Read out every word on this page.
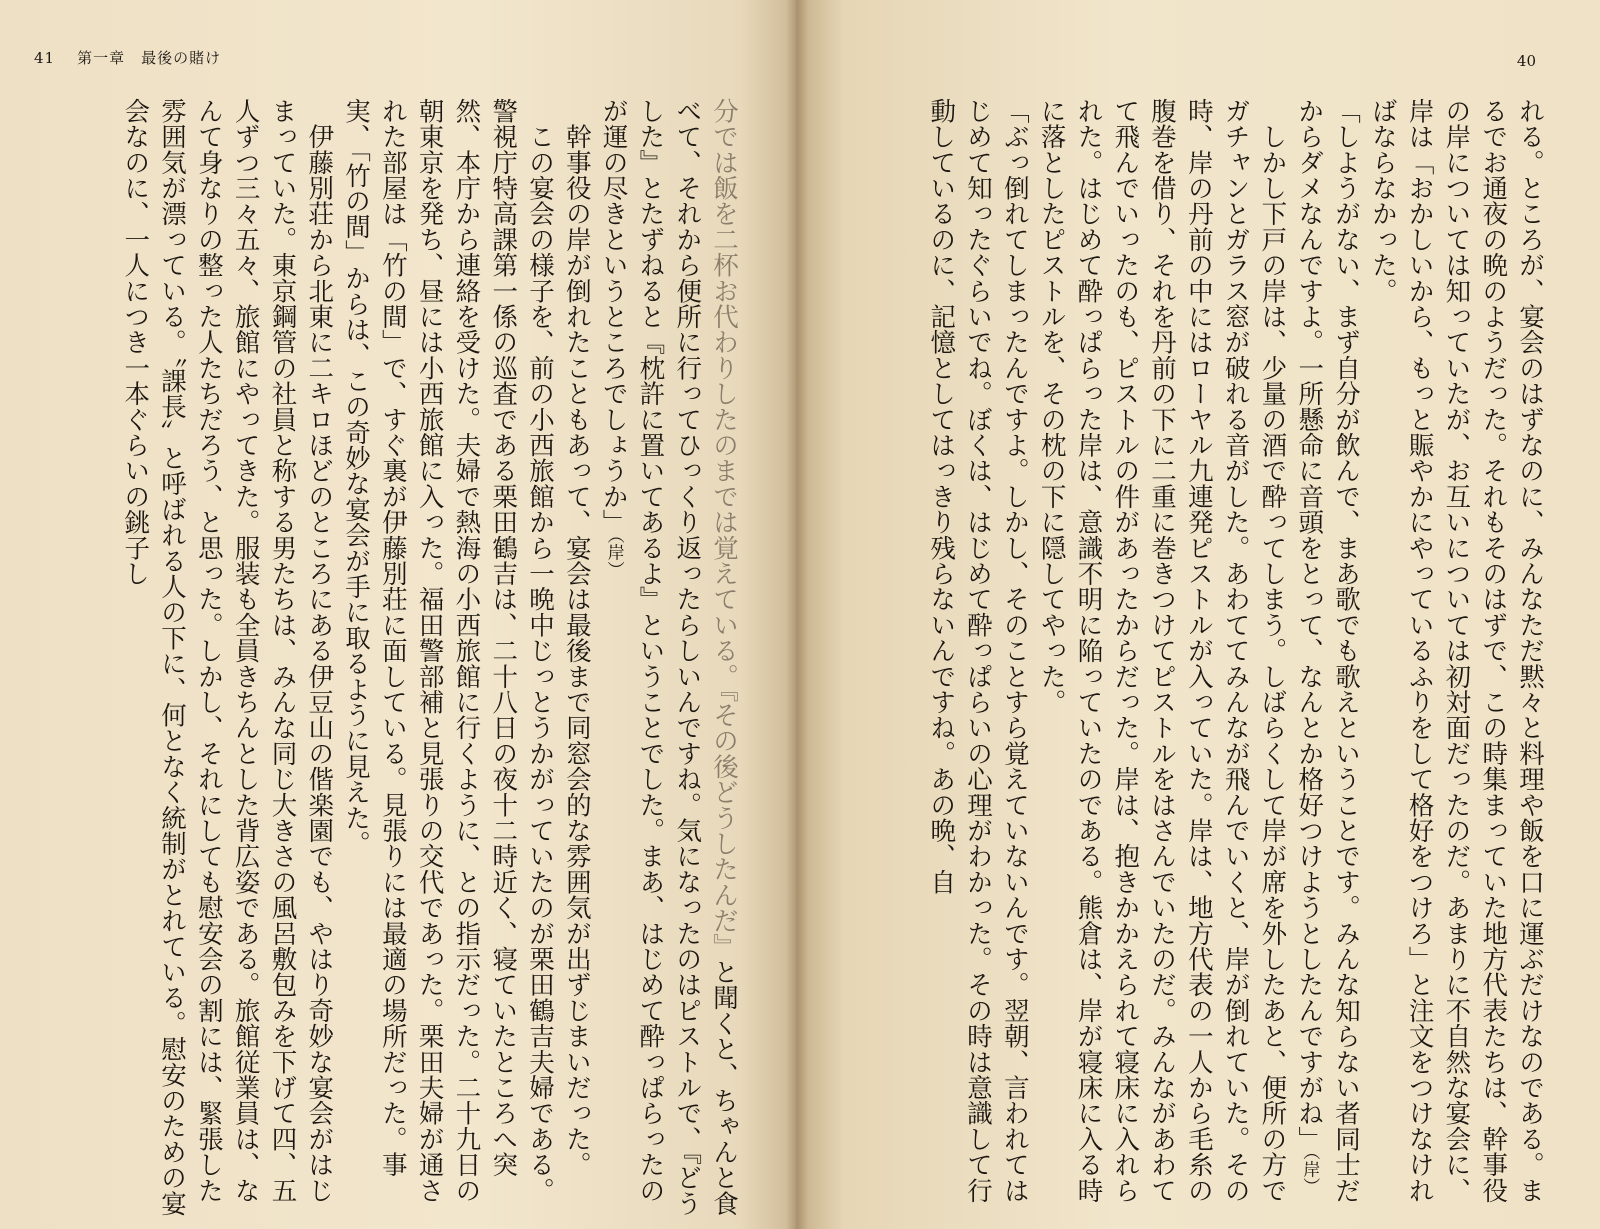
41 第一章　最後の賭け
分では飯を二杯お代わりしたのまでは覚えている。『その後どうしたんだ』と聞くと、ちゃんと食べて、それから便所に行ってひっくり返ったらしいんですね。気になったのはピストルで、『どうした』とたずねると『枕許に置いてあるよ』ということでした。まあ、はじめて酔っぱらったのが運の尽きというところでしょうか」（岸）
　幹事役の岸が倒れたこともあって、宴会は最後まで同窓会的な雰囲気が出ずじまいだった。
　この宴会の様子を、前の小西旅館から一晩中じっとうかがっていたのが栗田鶴吉夫婦である。警視庁特高課第一係の巡査である栗田鶴吉は、二十八日の夜十二時近く、寝ていたところへ突然、本庁から連絡を受けた。夫婦で熱海の小西旅館に行くように、との指示だった。二十九日の朝東京を発ち、昼には小西旅館に入った。福田警部補と見張りの交代であった。栗田夫婦が通された部屋は「竹の間」で、すぐ裏が伊藤別荘に面している。見張りには最適の場所だった。事実、「竹の間」からは、この奇妙な宴会が手に取るように見えた。
　伊藤別荘から北東に二キロほどのところにある伊豆山の偕楽園でも、やはり奇妙な宴会がはじまっていた。東京鋼管の社員と称する男たちは、みんな同じ大きさの風呂敷包みを下げて四、五人ずつ三々五々、旅館にやってきた。服装も全員きちんとした背広姿である。旅館従業員は、なんて身なりの整った人たちだろう、と思った。しかし、それにしても慰安会の割には、緊張した雰囲気が漂っている。〝課長〟と呼ばれる人の下に、何となく統制がとれている。慰安のための宴会なのに、一人につき一本ぐらいの銚子し
40
れる。ところが、宴会のはずなのに、みんなただ黙々と料理や飯を口に運ぶだけなのである。まるでお通夜の晩のようだった。それもそのはずで、この時集まっていた地方代表たちは、幹事役の岸については知っていたが、お互いについては初対面だったのだ。あまりに不自然な宴会に、岸は「おかしいから、もっと賑やかにやっているふりをして格好をつけろ」と注文をつけなければならなかった。
「しようがない、まず自分が飲んで、まあ歌でも歌えということです。みんな知らない者同士だからダメなんですよ。一所懸命に音頭をとって、なんとか格好つけようとしたんですがね」（岸）
　しかし下戸の岸は、少量の酒で酔ってしまう。しばらくして岸が席を外したあと、便所の方でガチャンとガラス窓が破れる音がした。あわててみんなが飛んでいくと、岸が倒れていた。その時、岸の丹前の中にはローヤル九連発ピストルが入っていた。岸は、地方代表の一人から毛糸の腹巻を借り、それを丹前の下に二重に巻きつけてピストルをはさんでいたのだ。みんながあわてて飛んでいったのも、ピストルの件があったからだった。岸は、抱きかかえられて寝床に入れられた。はじめて酔っぱらった岸は、意識不明に陥っていたのである。熊倉は、岸が寝床に入る時に落としたピストルを、その枕の下に隠してやった。
「ぶっ倒れてしまったんですよ。しかし、そのことすら覚えていないんです。翌朝、言われてはじめて知ったぐらいでね。ぼくは、はじめて酔っぱらいの心理がわかった。その時は意識して行動しているのに、記憶としてはっきり残らないんですね。あの晩、自
